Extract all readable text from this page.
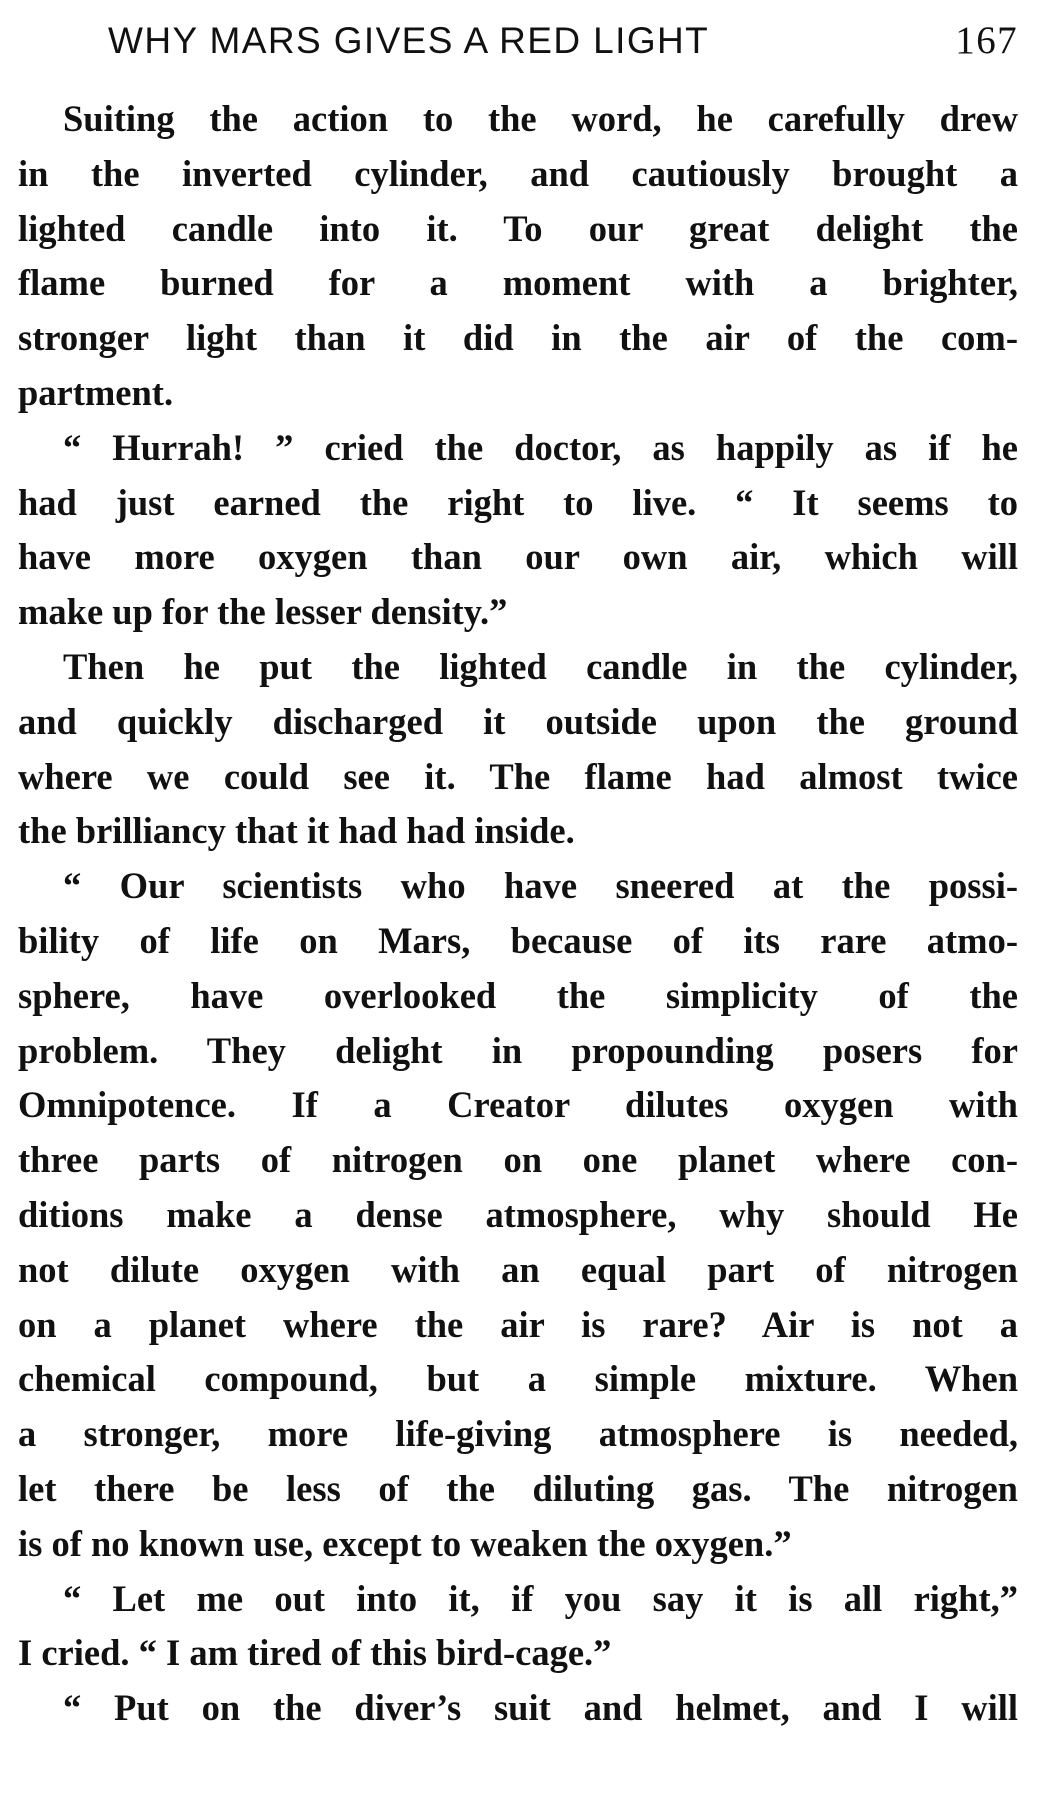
WHY MARS GIVES A RED LIGHT	167
Suiting the action to the word, he carefully drew
in the inverted cylinder, and cautiously brought a
lighted candle into it. To our great delight the
flame burned for a moment with a brighter,
stronger light than it did in the air of the com-
partment.
“ Hurrah! ” cried the doctor, as happily as if he
had just earned the right to live. “ It seems to
have more oxygen than our own air, which will
make up for the lesser density.”
Then he put the lighted candle in the cylinder,
and quickly discharged it outside upon the ground
where we could see it. The flame had almost twice
the brilliancy that it had had inside.
“ Our scientists who have sneered at the possi-
bility of life on Mars, because of its rare atmo-
sphere, have overlooked the simplicity of the
problem. They delight in propounding posers for
Omnipotence. If a Creator dilutes oxygen with
three parts of nitrogen on one planet where con-
ditions make a dense atmosphere, why should He
not dilute oxygen with an equal part of nitrogen
on a planet where the air is rare? Air is not a
chemical compound, but a simple mixture. When
a stronger, more life-giving atmosphere is needed,
let there be less of the diluting gas. The nitrogen
is of no known use, except to weaken the oxygen.”
“ Let me out into it, if you say it is all right,”
I cried. “ I am tired of this bird-cage.”
“ Put on the diver’s suit and helmet, and I will
